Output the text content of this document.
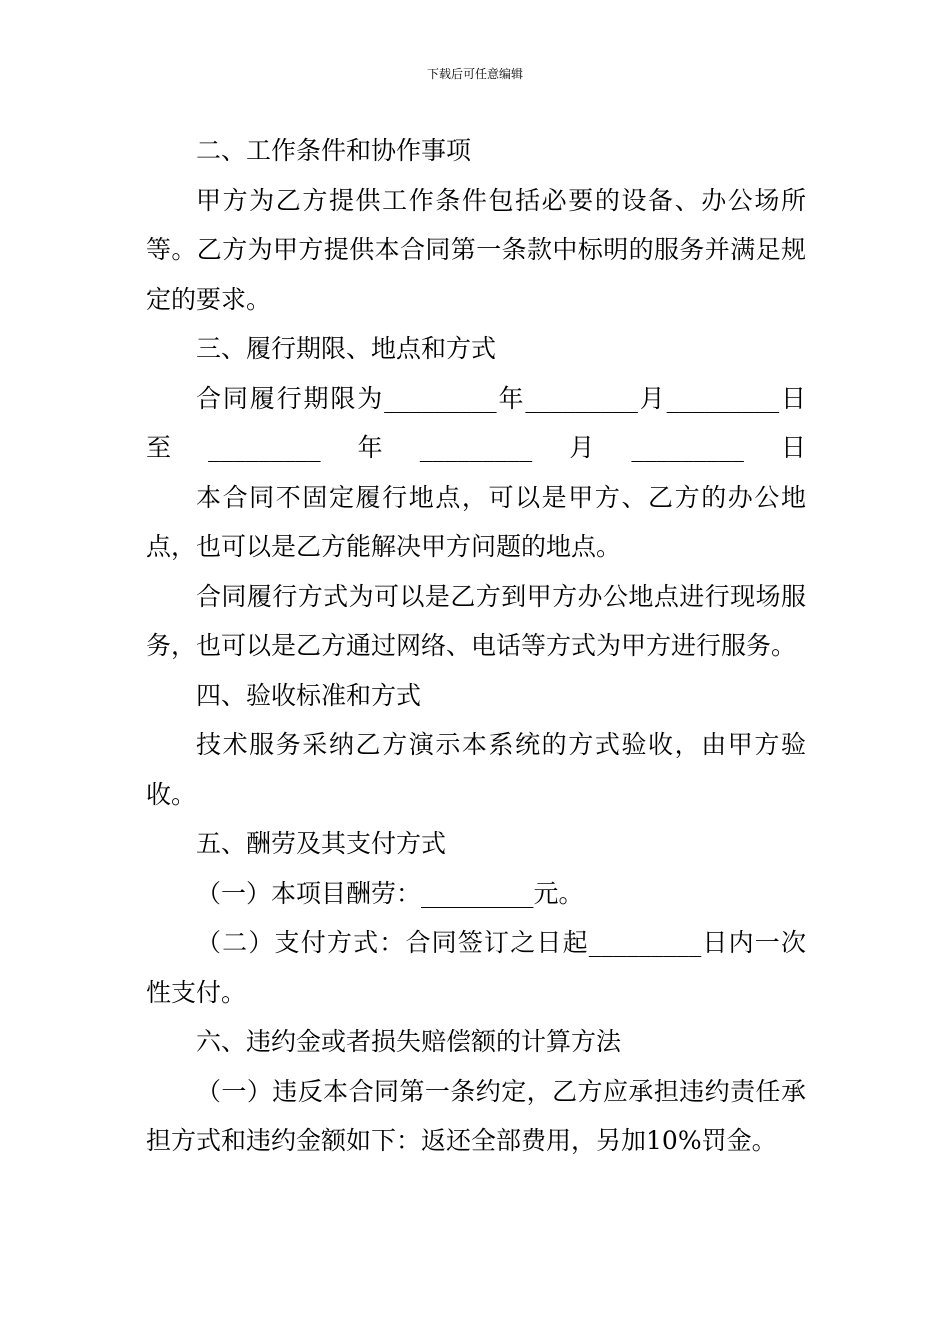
下载后可任意编辑

二、工作条件和协作事项

甲方为乙方提供工作条件包括必要的设备、办公场所等。乙方为甲方提供本合同第一条款中标明的服务并满足规定的要求。

三、履行期限、地点和方式

合同履行期限为_________年_________月_________日至_________年_________月_________日

本合同不固定履行地点，可以是甲方、乙方的办公地点，也可以是乙方能解决甲方问题的地点。

合同履行方式为可以是乙方到甲方办公地点进行现场服务，也可以是乙方通过网络、电话等方式为甲方进行服务。

四、验收标准和方式

技术服务采纳乙方演示本系统的方式验收，由甲方验收。

五、酬劳及其支付方式

（一）本项目酬劳：_________元。

（二）支付方式：合同签订之日起_________日内一次性支付。

六、违约金或者损失赔偿额的计算方法

（一）违反本合同第一条约定，乙方应承担违约责任承担方式和违约金额如下：返还全部费用，另加10%罚金。
